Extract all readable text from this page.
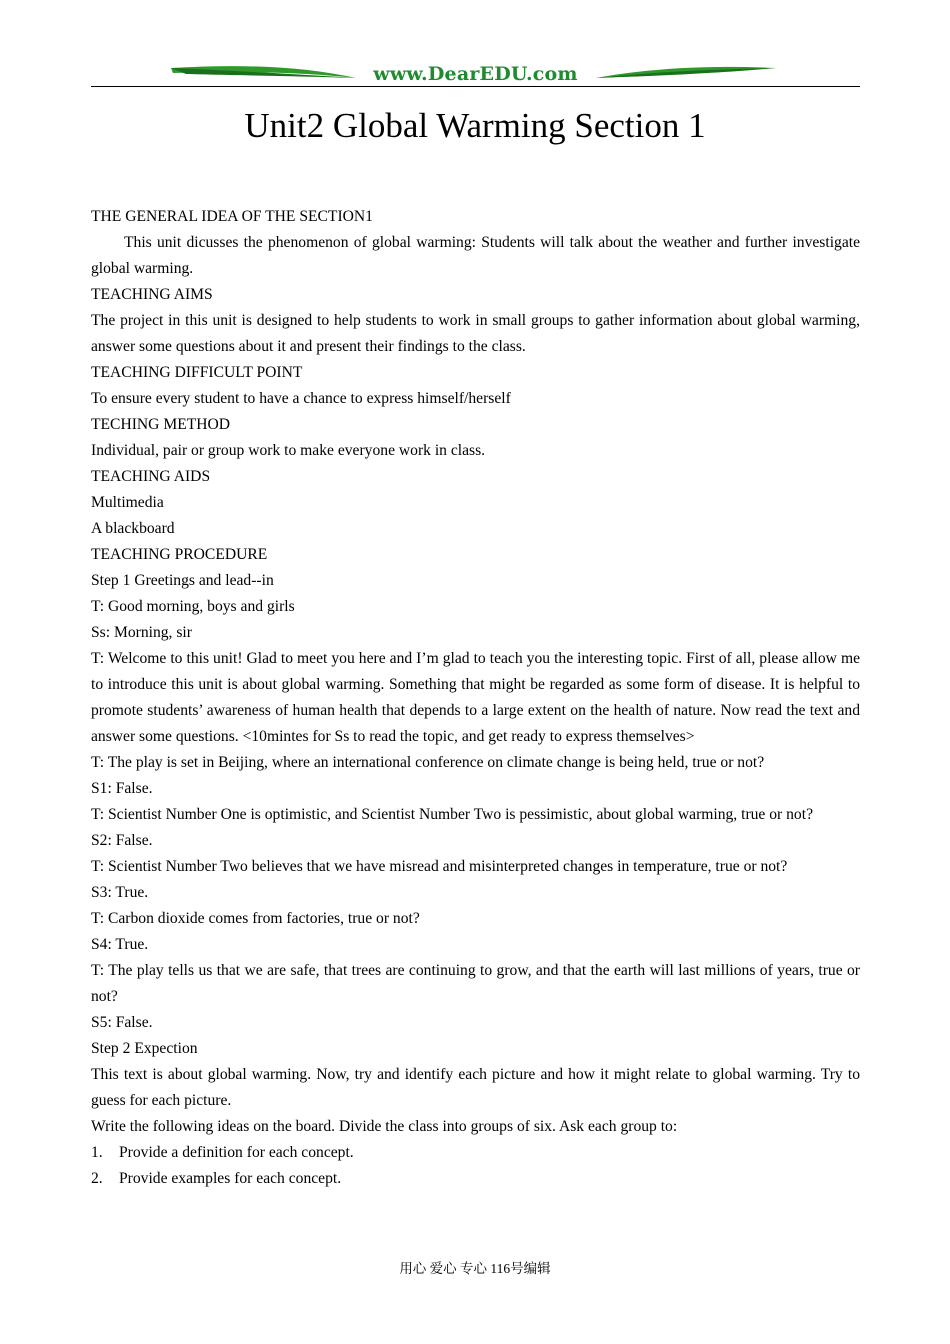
www.DearEDU.com
Unit2 Global Warming Section 1

THE GENERAL IDEA OF THE SECTION1

This unit dicusses the phenomenon of global warming: Students will talk about the weather and further investigate global warming.

TEACHING AIMS

The project in this unit is designed to help students to work in small groups to gather information about global warming, answer some questions about it and present their findings to the class.

TEACHING DIFFICULT POINT

To ensure every student to have a chance to express himself/herself

TECHING METHOD

Individual, pair or group work to make everyone work in class.

TEACHING AIDS

Multimedia

A blackboard

TEACHING PROCEDURE

Step 1 Greetings and lead--in

T: Good morning, boys and girls

Ss: Morning, sir

T: Welcome to this unit! Glad to meet you here and I’m glad to teach you the interesting topic. First of all, please allow me to introduce this unit is about global warming. Something that might be regarded as some form of disease. It is helpful to promote students’ awareness of human health that depends to a large extent on the health of nature. Now read the text and answer some questions. <10mintes for Ss to read the topic, and get ready to express themselves>

T: The play is set in Beijing, where an international conference on climate change is being held, true or not?

S1: False.

T: Scientist Number One is optimistic, and Scientist Number Two is pessimistic, about global warming, true or not?

S2: False.

T: Scientist Number Two believes that we have misread and misinterpreted changes in temperature, true or not?

S3: True.

T: Carbon dioxide comes from factories, true or not?

S4: True.

T: The play tells us that we are safe, that trees are continuing to grow, and that the earth will last millions of years, true or not?

S5: False.

Step 2 Expection

This text is about global warming. Now, try and identify each picture and how it might relate to global warming. Try to guess for each picture.

Write the following ideas on the board. Divide the class into groups of six. Ask each group to:

1.	Provide a definition for each concept.
2.	Provide examples for each concept.
用心 爱心 专心 116号编辑
